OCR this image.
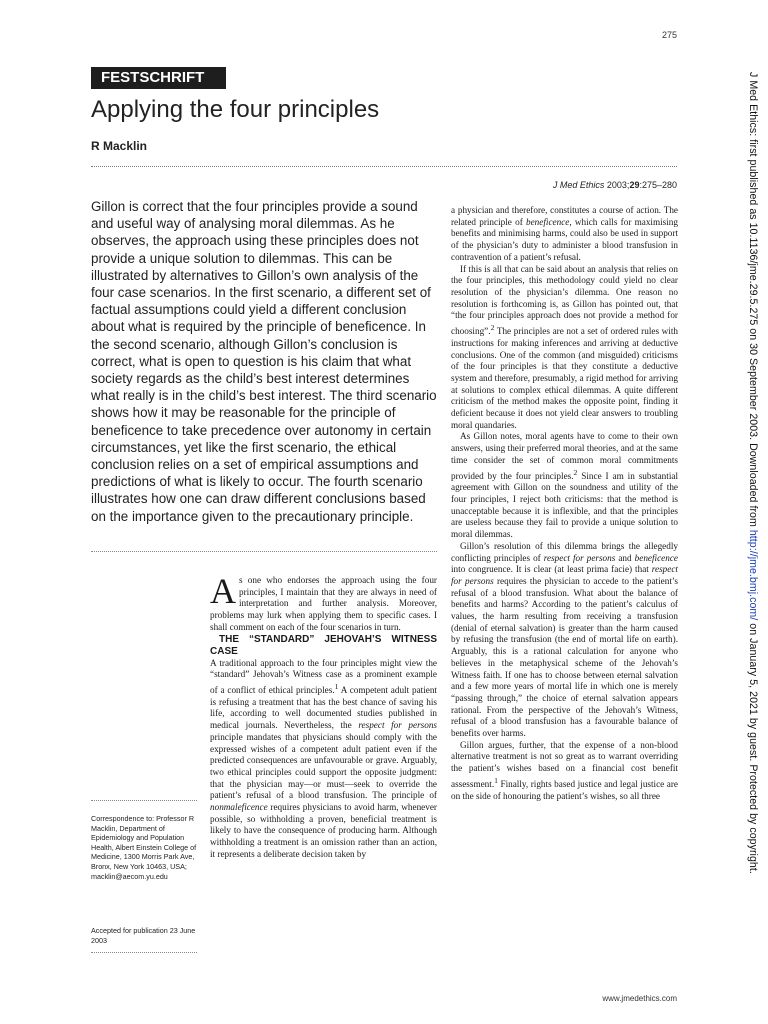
275
FESTSCHRIFT
Applying the four principles
R Macklin
J Med Ethics 2003;29:275–280

Gillon is correct that the four principles provide a sound and useful way of analysing moral dilemmas. As he observes, the approach using these principles does not provide a unique solution to dilemmas. This can be illustrated by alternatives to Gillon’s own analysis of the four case scenarios. In the first scenario, a different set of factual assumptions could yield a different conclusion about what is required by the principle of beneficence. In the second scenario, although Gillon’s conclusion is correct, what is open to question is his claim that what society regards as the child’s best interest determines what really is in the child’s best interest. The third scenario shows how it may be reasonable for the principle of beneficence to take precedence over autonomy in certain circumstances, yet like the first scenario, the ethical conclusion relies on a set of empirical assumptions and predictions of what is likely to occur. The fourth scenario illustrates how one can draw different conclusions based on the importance given to the precautionary principle.

Correspondence to: Professor R Macklin, Department of Epidemiology and Population Health, Albert Einstein College of Medicine, 1300 Morris Park Ave, Bronx, New York 10463, USA; macklin@aecom.yu.edu

Accepted for publication 23 June 2003

As one who endorses the approach using the four principles, I maintain that they are always in need of interpretation and further analysis. Moreover, problems may lurk when applying them to specific cases. I shall comment on each of the four scenarios in turn.

THE “STANDARD” JEHOVAH’S WITNESS CASE

A traditional approach to the four principles might view the “standard” Jehovah’s Witness case as a prominent example of a conflict of ethical principles.$^1$ A competent adult patient is refusing a treatment that has the best chance of saving his life, according to well documented studies published in medical journals. Nevertheless, the respect for persons principle mandates that physicians should comply with the expressed wishes of a competent adult patient even if the predicted consequences are unfavourable or grave. Arguably, two ethical principles could support the opposite judgment: that the physician may—or must—seek to override the patient’s refusal of a blood transfusion. The principle of nonmaleficence requires physicians to avoid harm, whenever possible, so withholding a proven, beneficial treatment is likely to have the consequence of producing harm. Although withholding a treatment is an omission rather than an action, it represents a deliberate decision taken by

a physician and therefore, constitutes a course of action. The related principle of beneficence, which calls for maximising benefits and minimising harms, could also be used in support of the physician’s duty to administer a blood transfusion in contravention of a patient’s refusal.

If this is all that can be said about an analysis that relies on the four principles, this methodology could yield no clear resolution of the physician’s dilemma. One reason no resolution is forthcoming is, as Gillon has pointed out, that “the four principles approach does not provide a method for choosing”.$^2$ The principles are not a set of ordered rules with instructions for making inferences and arriving at deductive conclusions. One of the common (and misguided) criticisms of the four principles is that they constitute a deductive system and therefore, presumably, a rigid method for arriving at solutions to complex ethical dilemmas. A quite different criticism of the method makes the opposite point, finding it deficient because it does not yield clear answers to troubling moral quandaries.

As Gillon notes, moral agents have to come to their own answers, using their preferred moral theories, and at the same time consider the set of common moral commitments provided by the four principles.$^2$ Since I am in substantial agreement with Gillon on the soundness and utility of the four principles, I reject both criticisms: that the method is unacceptable because it is inflexible, and that the principles are useless because they fail to provide a unique solution to moral dilemmas.

Gillon’s resolution of this dilemma brings the allegedly conflicting principles of respect for persons and beneficence into congruence. It is clear (at least prima facie) that respect for persons requires the physician to accede to the patient’s refusal of a blood transfusion. What about the balance of benefits and harms? According to the patient’s calculus of values, the harm resulting from receiving a transfusion (denial of eternal salvation) is greater than the harm caused by refusing the transfusion (the end of mortal life on earth). Arguably, this is a rational calculation for anyone who believes in the metaphysical scheme of the Jehovah’s Witness faith. If one has to choose between eternal salvation and a few more years of mortal life in which one is merely “passing through,” the choice of eternal salvation appears rational. From the perspective of the Jehovah’s Witness, refusal of a blood transfusion has a favourable balance of benefits over harms.

Gillon argues, further, that the expense of a non-blood alternative treatment is not so great as to warrant overriding the patient’s wishes based on a financial cost benefit assessment.$^1$ Finally, rights based justice and legal justice are on the side of honouring the patient’s wishes, so all three

J Med Ethics: first published as 10.1136/jme.29.5.275 on 30 September 2003. Downloaded from http://jme.bmj.com/ on January 5, 2021 by guest. Protected by copyright.
www.jmedethics.com
